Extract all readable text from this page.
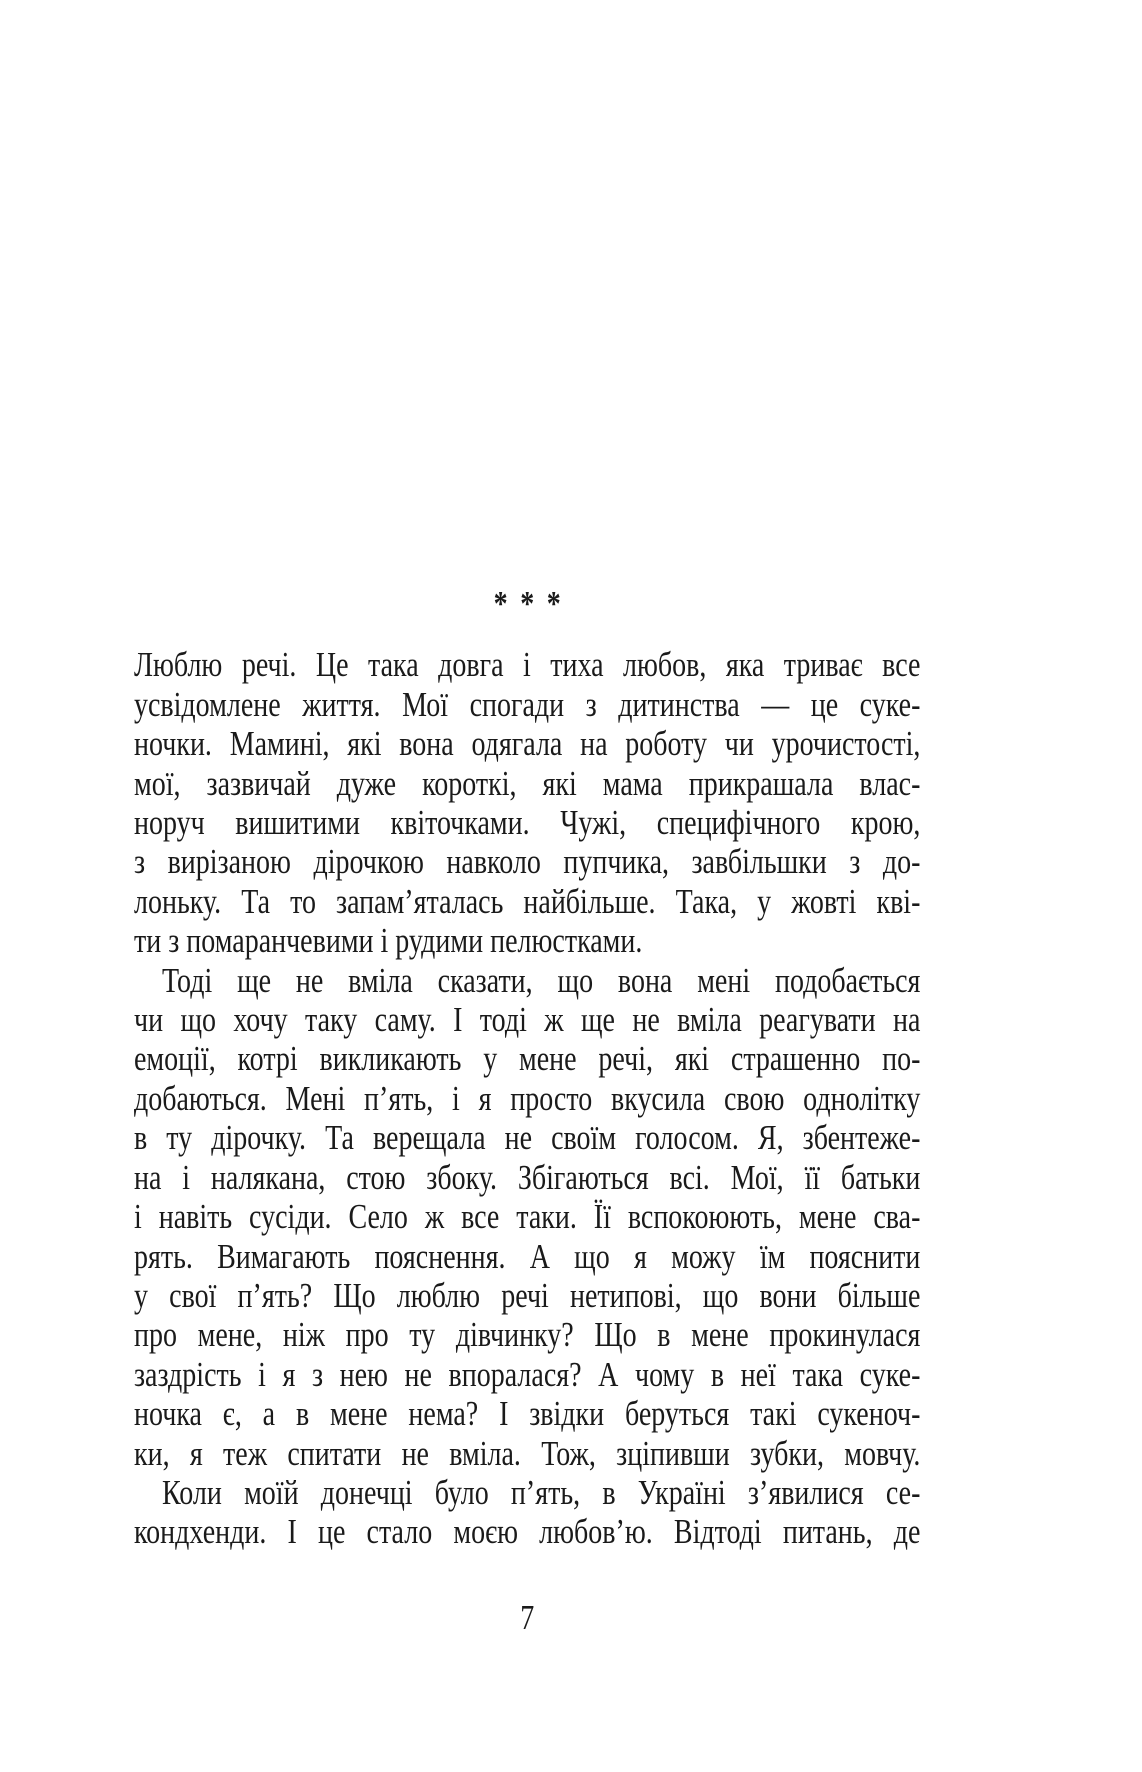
* * *
Люблю речі. Це така довга і тиха любов, яка триває все
усвідомлене життя. Мої спогади з дитинства — це суке-
ночки. Мамині, які вона одягала на роботу чи урочистості,
мої, зазвичай дуже короткі, які мама прикрашала влас-
норуч вишитими квіточками. Чужі, специфічного крою,
з вирізаною дірочкою навколо пупчика, завбільшки з до-
лоньку. Та то запам’яталась найбільше. Така, у жовті кві-
ти з помаранчевими і рудими пелюстками.
Тоді ще не вміла сказати, що вона мені подобається
чи що хочу таку саму. І тоді ж ще не вміла реагувати на
емоції, котрі викликають у мене речі, які страшенно по-
добаються. Мені п’ять, і я просто вкусила свою однолітку
в ту дірочку. Та верещала не своїм голосом. Я, збентеже-
на і налякана, стою збоку. Збігаються всі. Мої, її батьки
і навіть сусіди. Село ж все таки. Її вспокоюють, мене сва-
рять. Вимагають пояснення. А що я можу їм пояснити
у свої п’ять? Що люблю речі нетипові, що вони більше
про мене, ніж про ту дівчинку? Що в мене прокинулася
заздрість і я з нею не впоралася? А чому в неї така суке-
ночка є, а в мене нема? І звідки беруться такі сукеноч-
ки, я теж спитати не вміла. Тож, зціпивши зубки, мовчу.
Коли моїй донечці було п’ять, в Україні з’явилися се-
кондхенди. І це стало моєю любов’ю. Відтоді питань, де
7
